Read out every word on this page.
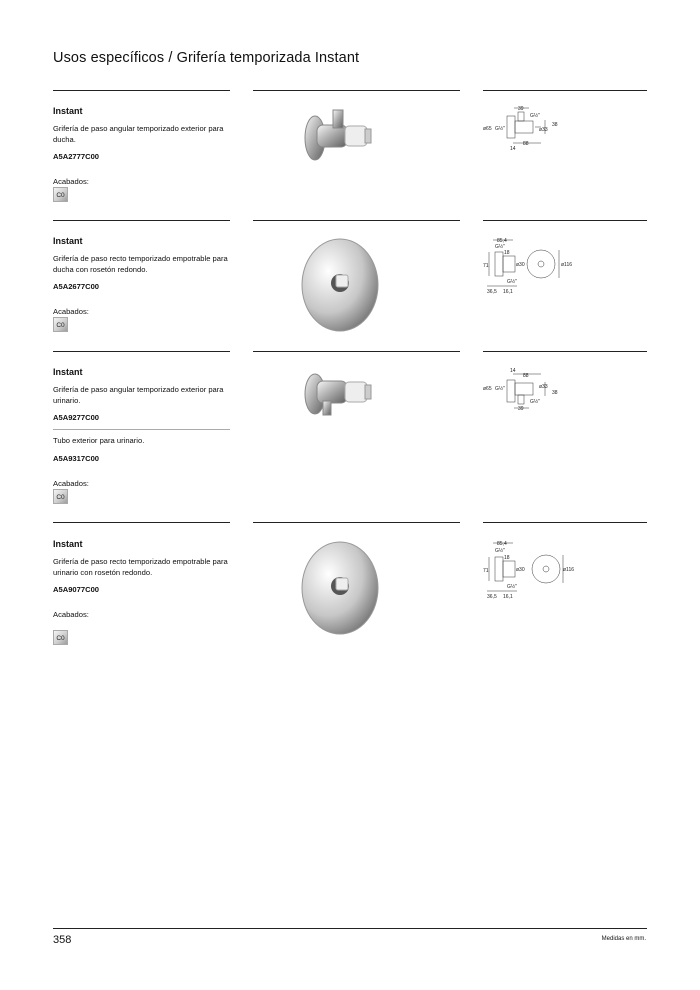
Usos específicos / Grifería temporizada Instant

Instant

Grifería de paso angular temporizado exterior para ducha.

A5A2777C00

Acabados:

C0

Instant

Grifería de paso recto temporizado empotrable para ducha con rosetón redondo.

A5A2677C00

Acabados:

C0

Instant

Grifería de paso angular temporizado exterior para urinario.

A5A9277C00

Tubo exterior para urinario.

A5A9317C00

Acabados:

C0

Instant

Grifería de paso recto temporizado empotrable para urinario con rosetón redondo.

A5A9077C00

Acabados:

C0
39
G½"
ø65 G½"	ø33
38
88
14
85,4
G½"
71
18
ø30
G½"
36,5 16,1
ø116
14
88
ø65 G½"	ø33
38
G½"
39
85,4
G½"
71
18
ø30
G½"
36,5 16,1
ø116
358	Medidas en mm.
